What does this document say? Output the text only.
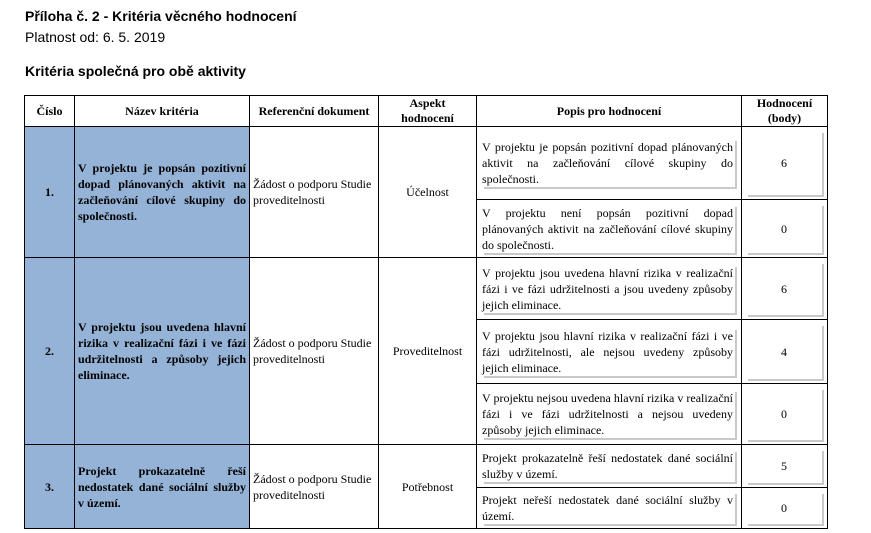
Příloha č. 2 - Kritéria věcného hodnocení
Platnost od: 6. 5. 2019
Kritéria společná pro obě aktivity
Číslo	Název kritéria	Referenční dokument	Aspekt hodnocení	Popis pro hodnocení	Hodnocení (body)
1.	V projektu je popsán pozitivní dopad plánovaných aktivit na začleňování cílové skupiny do společnosti.	Žádost o podporu Studie proveditelnosti	Účelnost	V projektu je popsán pozitivní dopad plánovaných aktivit na začleňování cílové skupiny do společnosti.	6

				V projektu není popsán pozitivní dopad plánovaných aktivit na začleňování cílové skupiny do společnosti.	0

2.	V projektu jsou uvedena hlavní rizika v realizační fázi i ve fázi udržitelnosti a způsoby jejich eliminace.	Žádost o podporu Studie proveditelnosti	Proveditelnost	V projektu jsou uvedena hlavní rizika v realizační fázi i ve fázi udržitelnosti a jsou uvedeny způsoby jejich eliminace.	6

				V projektu jsou hlavní rizika v realizační fázi i ve fázi udržitelnosti, ale nejsou uvedeny způsoby jejich eliminace.	4

				V projektu nejsou uvedena hlavní rizika v realizační fázi i ve fázi udržitelnosti a nejsou uvedeny způsoby jejich eliminace.	0

3.	Projekt prokazatelně řeší nedostatek dané sociální služby v území.	Žádost o podporu Studie proveditelnosti	Potřebnost	Projekt prokazatelně řeší nedostatek dané sociální služby v území.	5

				Projekt neřeší nedostatek dané sociální služby v území.	0
